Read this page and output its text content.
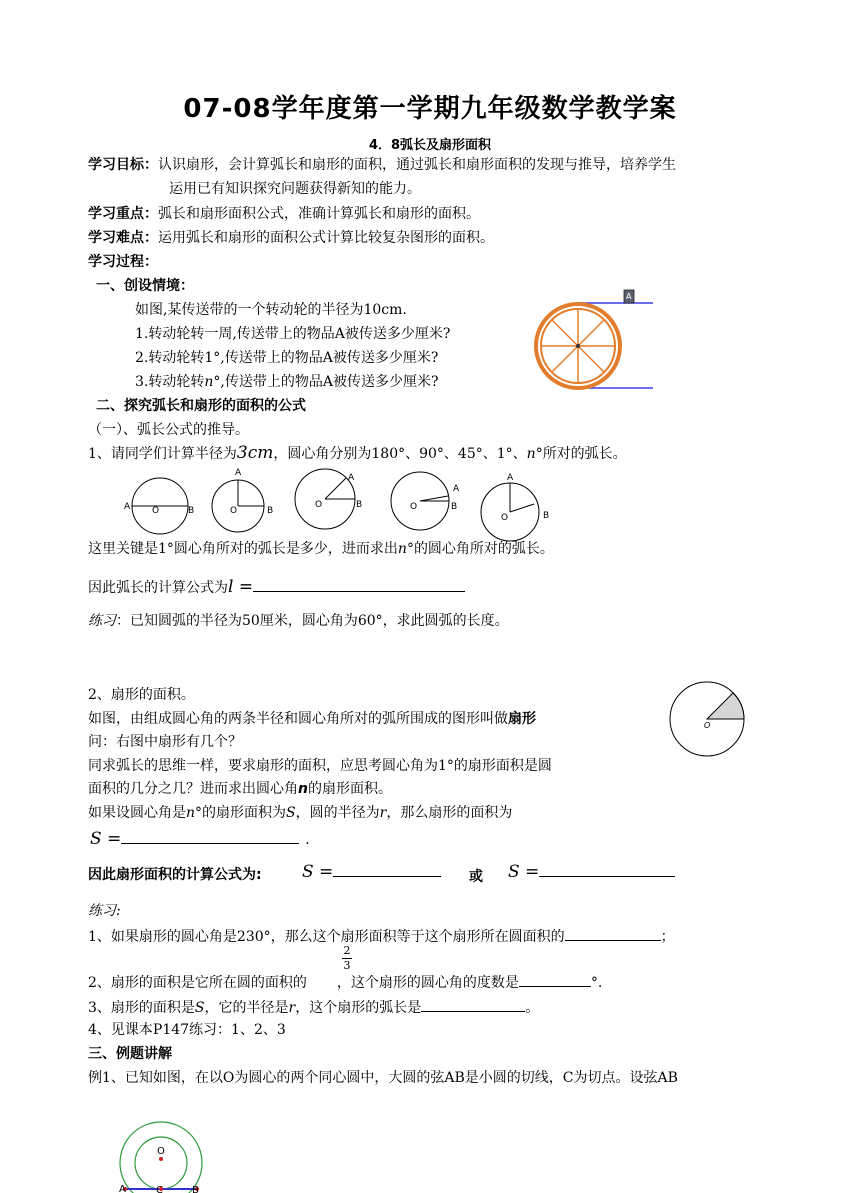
07-08学年度第一学期九年级数学教学案
4．8弧长及扇形面积
学习目标：认识扇形，会计算弧长和扇形的面积，通过弧长和扇形面积的发现与推导，培养学生
运用已有知识探究问题获得新知的能力。
学习重点：弧长和扇形面积公式，准确计算弧长和扇形的面积。
学习难点：运用弧长和扇形的面积公式计算比较复杂图形的面积。
学习过程：
一、创设情境：
如图,某传送带的一个转动轮的半径为10cm.
1.转动轮转一周,传送带上的物品A被传送多少厘米?
2.转动轮转1°,传送带上的物品A被传送多少厘米?
3.转动轮转n°,传送带上的物品A被传送多少厘米?
A
二、探究弧长和扇形的面积的公式
（一）、弧长公式的推导。
1、请同学们计算半径为3cm，圆心角分别为180°、90°、45°、1°、n°所对的弧长。
A	B
O
A
B
O
A
B
O
A
B
O
A
B
O
这里关键是1°圆心角所对的弧长是多少，进而求出n°的圆心角所对的弧长。
因此弧长的计算公式为l =
练习：已知圆弧的半径为50厘米，圆心角为60°，求此圆弧的长度。
2、扇形的面积。
如图，由组成圆心角的两条半径和圆心角所对的弧所围成的图形叫做扇形
问：右图中扇形有几个？
同求弧长的思维一样，要求扇形的面积，应思考圆心角为1°的扇形面积是圆
面积的几分之几？进而求出圆心角n的扇形面积。
如果设圆心角是n°的扇形面积为S，圆的半径为r，那么扇形的面积为
S =	.
O
因此扇形面积的计算公式为: S =	或 S =
练习:
1、如果扇形的圆心角是230°，那么这个扇形面积等于这个扇形所在圆面积的	；
2
3
2、扇形的面积是它所在圆的面积的 ，这个扇形的圆心角的度数是	°.
3、扇形的面积是S，它的半径是r，这个扇形的弧长是	。
4、见课本P147练习：1、2、3
三、例题讲解
例1、已知如图，在以O为圆心的两个同心圆中，大圆的弦AB是小圆的切线，C为切点。设弦AB
O
A	C	B
